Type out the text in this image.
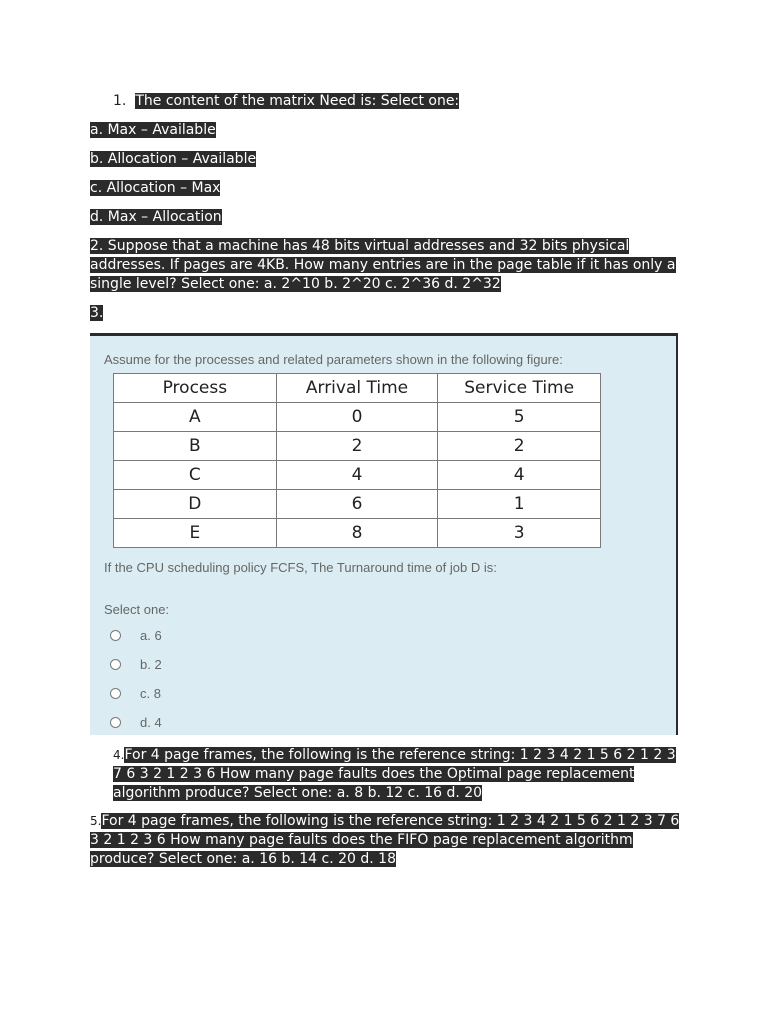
1. The content of the matrix Need is: Select one:
a. Max – Available
b. Allocation – Available
c. Allocation – Max
d. Max – Allocation
2. Suppose that a machine has 48 bits virtual addresses and 32 bits physical
addresses. If pages are 4KB. How many entries are in the page table if it has only a
single level? Select one: a. 2^10 b. 2^20 c. 2^36 d. 2^32
3.
Assume for the processes and related parameters shown in the following figure:
Process	Arrival Time	Service Time
A	0	5
B	2	2
C	4	4
D	6	1
E	8	3
If the CPU scheduling policy FCFS, The Turnaround time of job D is:
Select one:
a. 6
b. 2
c. 8
d. 4
4.For 4 page frames, the following is the reference string: 1 2 3 4 2 1 5 6 2 1 2 3
7 6 3 2 1 2 3 6 How many page faults does the Optimal page replacement
algorithm produce? Select one: a. 8 b. 12 c. 16 d. 20
5.For 4 page frames, the following is the reference string: 1 2 3 4 2 1 5 6 2 1 2 3 7 6
3 2 1 2 3 6 How many page faults does the FIFO page replacement algorithm
produce? Select one: a. 16 b. 14 c. 20 d. 18
